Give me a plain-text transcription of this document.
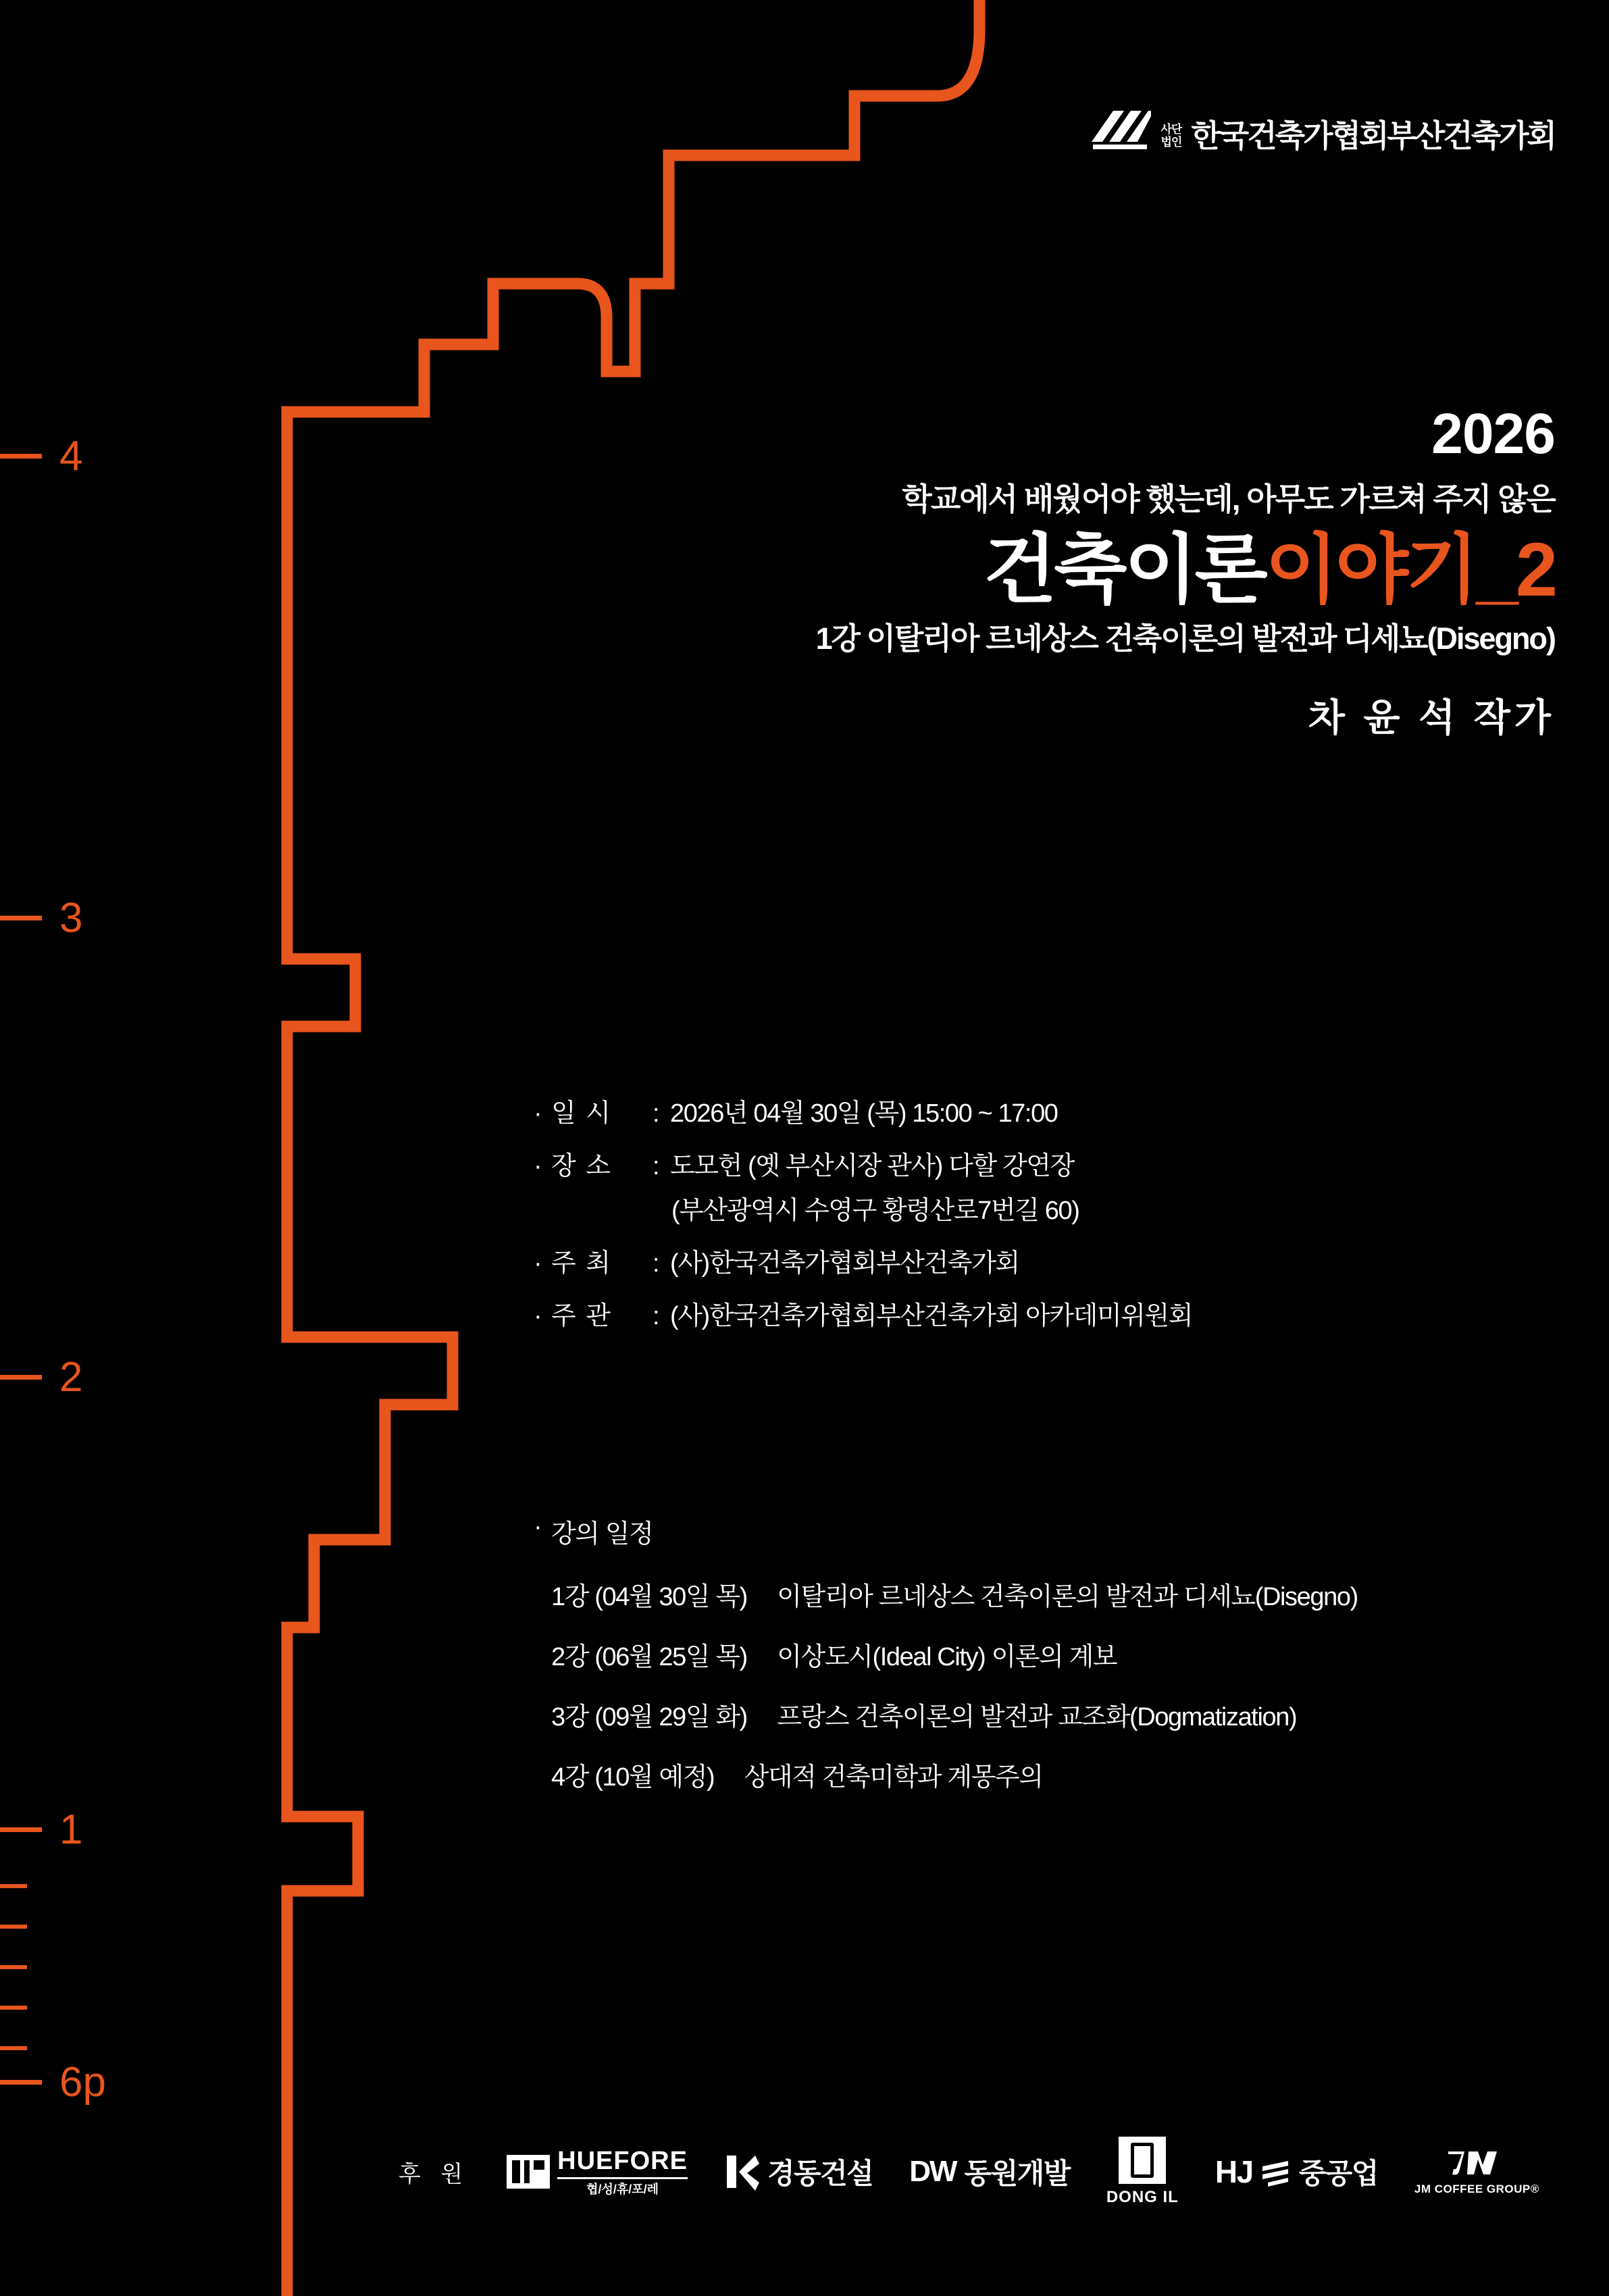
4
3
2
1
6p
사단
법인 한국건축가협회부산건축가회
2026
학교에서 배웠어야 했는데, 아무도 가르쳐 주지 않은
건축이론이야기_2
1강 이탈리아 르네상스 건축이론의 발전과 디세뇨(Disegno)
차 윤 석 작가
· 일 시	: 2026년 04월 30일 (목) 15:00 ~ 17:00
· 장 소	: 도모헌 (옛 부산시장 관사) 다할 강연장
(부산광역시 수영구 황령산로7번길 60)
· 주 최	: (사)한국건축가협회부산건축가회
· 주 관	: (사)한국건축가협회부산건축가회 아카데미위원회
· 강의 일정
1강 (04월 30일 목) 이탈리아 르네상스 건축이론의 발전과 디세뇨(Disegno)
2강 (06월 25일 목) 이상도시(Ideal City) 이론의 계보
3강 (09월 29일 화) 프랑스 건축이론의 발전과 교조화(Dogmatization)
4강 (10월 예정) 상대적 건축미학과 계몽주의
후 원	HUEFORE
협/성/휴/포/레	경동건설 DW 동원개발
DONG IL
HJ 중공업	JM COFFEE GROUP®
